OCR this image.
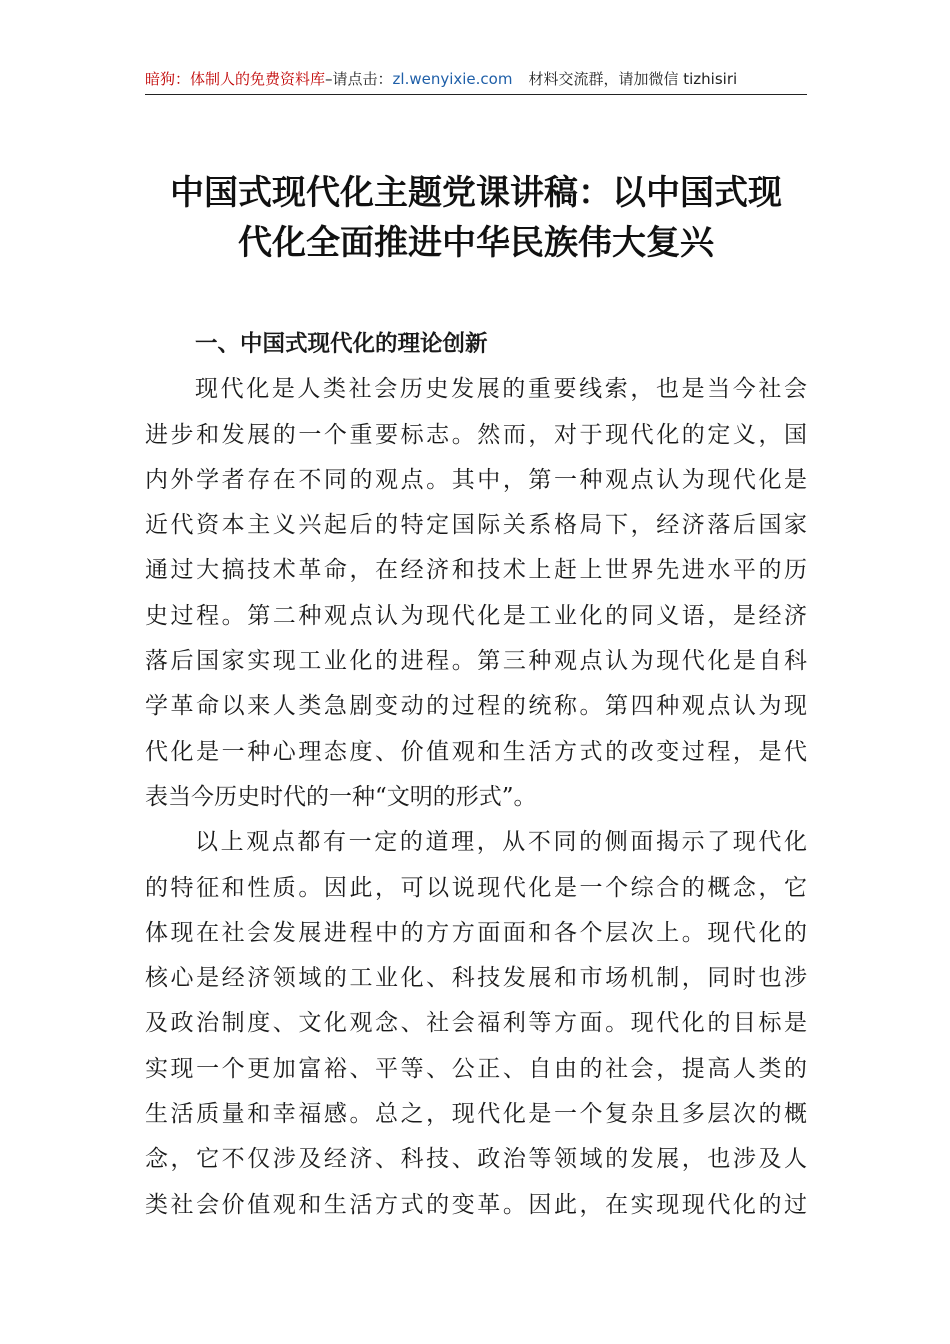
暗狗：体制人的免费资料库–请点击：zl.wenyixie.com 材料交流群，请加微信 tizhisiri
中国式现代化主题党课讲稿：以中国式现
代化全面推进中华民族伟大复兴
一、中国式现代化的理论创新
现代化是人类社会历史发展的重要线索，也是当今社会
进步和发展的一个重要标志。然而，对于现代化的定义，国
内外学者存在不同的观点。其中，第一种观点认为现代化是
近代资本主义兴起后的特定国际关系格局下，经济落后国家
通过大搞技术革命，在经济和技术上赶上世界先进水平的历
史过程。第二种观点认为现代化是工业化的同义语，是经济
落后国家实现工业化的进程。第三种观点认为现代化是自科
学革命以来人类急剧变动的过程的统称。第四种观点认为现
代化是一种心理态度、价值观和生活方式的改变过程，是代
表当今历史时代的一种“文明的形式”。
以上观点都有一定的道理，从不同的侧面揭示了现代化
的特征和性质。因此，可以说现代化是一个综合的概念，它
体现在社会发展进程中的方方面面和各个层次上。现代化的
核心是经济领域的工业化、科技发展和市场机制，同时也涉
及政治制度、文化观念、社会福利等方面。现代化的目标是
实现一个更加富裕、平等、公正、自由的社会，提高人类的
生活质量和幸福感。总之，现代化是一个复杂且多层次的概
念，它不仅涉及经济、科技、政治等领域的发展，也涉及人
类社会价值观和生活方式的变革。因此，在实现现代化的过
